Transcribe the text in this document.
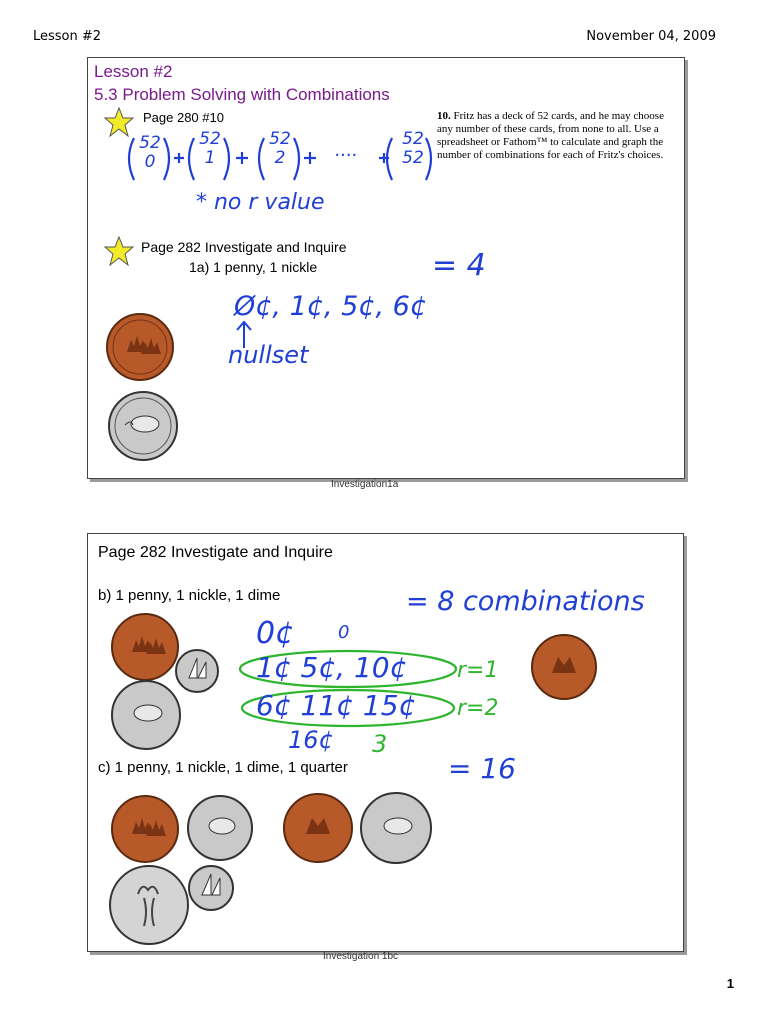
Lesson #2	November 04, 2009
Lesson #2
5.3 Problem Solving with Combinations
Page 280 #10
52
0
52
1
52
2	....
52
52
* no r value
10. Fritz has a deck of 52 cards, and he may choose any number of these cards, from none to all. Use a spreadsheet or Fathom™ to calculate and graph the number of combinations for each of Fritz's choices.
Page 282 Investigate and Inquire
1a) 1 penny, 1 nickle	= 4
Ø¢, 1¢, 5¢, 6¢
nullset
Investigation1a
Page 282 Investigate and Inquire
b) 1 penny, 1 nickle, 1 dime	= 8 combinations
0¢ 0
1¢ 5¢, 10¢ r=1
6¢ 11¢ 15¢ r=2
16¢ 3
c) 1 penny, 1 nickle, 1 dime, 1 quarter	= 16
Investigation 1bc
1
